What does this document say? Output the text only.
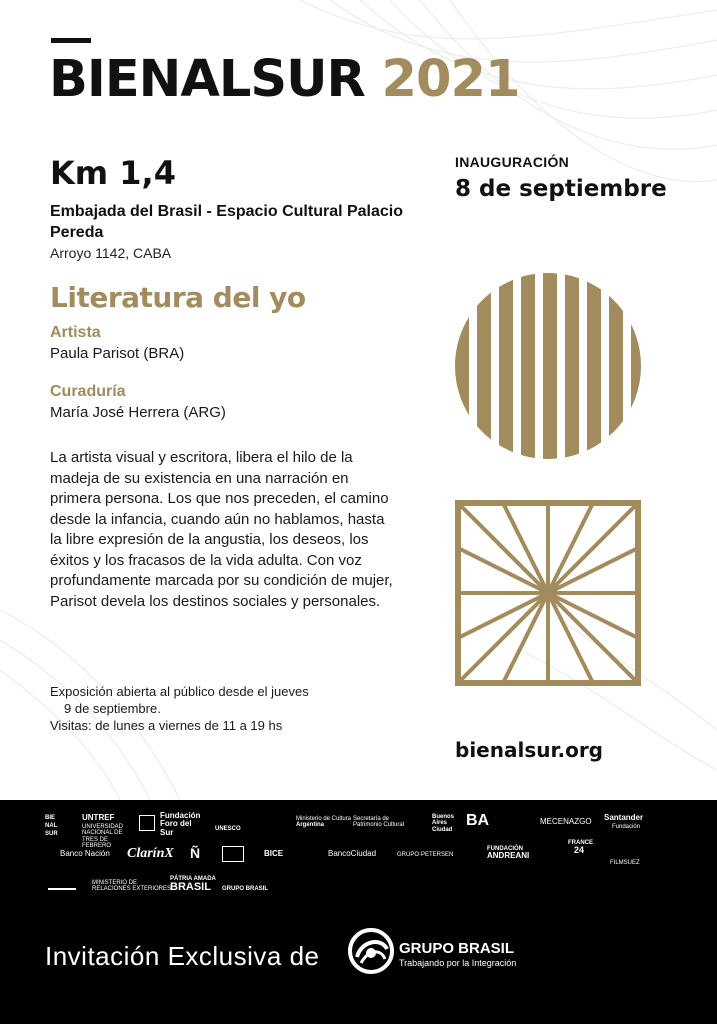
BIENALSUR 2021
Km 1,4
Embajada del Brasil - Espacio Cultural Palacio Pereda
Arroyo 1142, CABA
Literatura del yo
Artista
Paula Parisot (BRA)
Curaduría
María José Herrera (ARG)
La artista visual y escritora, libera el hilo de la madeja de su existencia en una narración en primera persona. Los que nos preceden, el camino desde la infancia, cuando aún no hablamos, hasta la libre expresión de la angustia, los deseos, los éxitos y los fracasos de la vida adulta. Con voz profundamente marcada por su condición de mujer, Parisot devela los destinos sociales y personales.
Exposición abierta al público desde el jueves
9 de septiembre.
Visitas: de lunes a viernes de 11 a 19 hs
INAUGURACIÓN
8 de septiembre
bienalsur.org
BIE NAL SUR
UNTREF
UNIVERSIDAD NACIONAL DE TRES DE FEBRERO
Fundación
Foro del
Sur	UNESCO
Ministerio de Cultura
Argentina
Secretaría de
Patrimonio Cultural
Buenos
Aires
Ciudad
BA	MECENAZGO Santander
Fundación
Banco Nación ClarínX Ñ	BICE	BancoCiudad	GRUPO·PETERSEN
FUNDACIÓN
ANDREANI
FRANCE
24
FILMSUEZ
MINISTERIO DE
RELACIONES EXTERIORES
PÁTRIA AMADA
BRASIL	GRUPO BRASIL
Invitación Exclusiva de	GRUPO BRASIL
Trabajando por la Integración
